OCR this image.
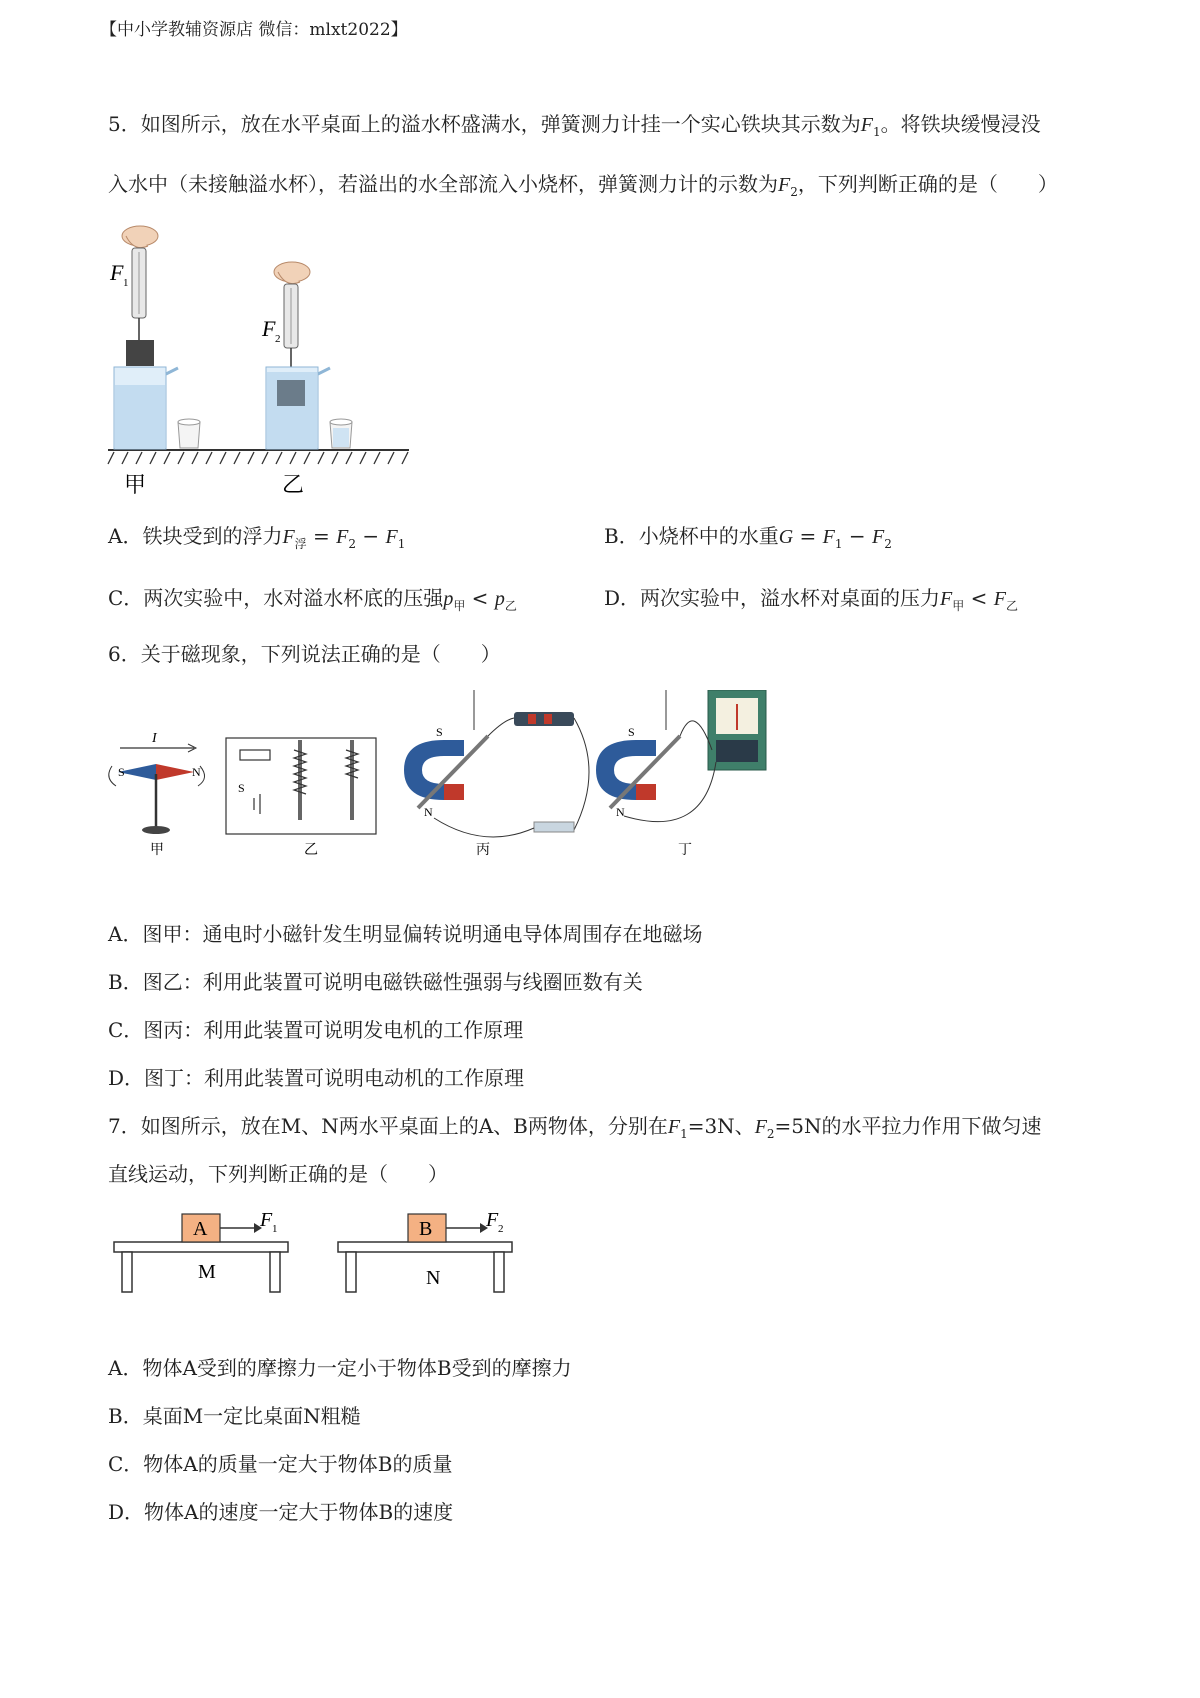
【中小学教辅资源店 微信：mlxt2022】
5．如图所示，放在水平桌面上的溢水杯盛满水，弹簧测力计挂一个实心铁块其示数为$F_1$。将铁块缓慢浸没
入水中（未接触溢水杯），若溢出的水全部流入小烧杯，弹簧测力计的示数为$F_2$，下列判断正确的是（　　）
F 1
F 2
甲	乙
A．铁块受到的浮力$F_浮 = F_2 - F_1$	B．小烧杯中的水重$G = F_1 - F_2$
C．两次实验中，水对溢水杯底的压强$p_甲 < p_乙$	D．两次实验中，溢水杯对桌面的压力$F_甲 < F_乙$
6．关于磁现象，下列说法正确的是（　　）
I
S	N
甲
S
乙
S
N
丙
S
N
丁
A．图甲：通电时小磁针发生明显偏转说明通电导体周围存在地磁场
B．图乙：利用此装置可说明电磁铁磁性强弱与线圈匝数有关
C．图丙：利用此装置可说明发电机的工作原理
D．图丁：利用此装置可说明电动机的工作原理
7．如图所示，放在M、N两水平桌面上的A、B两物体，分别在$F_1=3N$、$F_2=5N$的水平拉力作用下做匀速
直线运动，下列判断正确的是（　　）
A	F 1
M
B	F 2
N
A．物体A受到的摩擦力一定小于物体B受到的摩擦力
B．桌面M一定比桌面N粗糙
C．物体A的质量一定大于物体B的质量
D．物体A的速度一定大于物体B的速度
